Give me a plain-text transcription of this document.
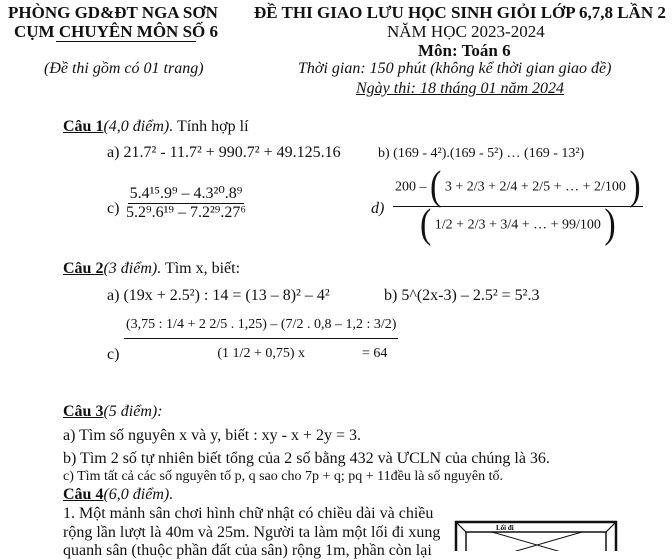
PHÒNG GD&ĐT NGA SƠN
CỤM CHUYÊN MÔN SỐ 6
(Đề thi gồm có 01 trang)
ĐỀ THI GIAO LƯU HỌC SINH GIỎI LỚP 6,7,8 LẦN 2
NĂM HỌC 2023-2024
Môn: Toán 6
Thời gian: 150 phút (không kể thời gian giao đề)
Ngày thi: 18 tháng 01 năm 2024
Câu 1(4,0 điểm). Tính hợp lí
a) 21.7² - 11.7² + 990.7² + 49.125.16	b) (169 - 4²).(169 - 5²) … (169 - 13²)
$c) \frac{\text{5.4¹⁵.9⁹ – 4.3²⁰.8⁹}}{\text{5.2⁹.6¹⁹ – 7.2²⁹.27⁶}}$	$d) \frac{200 - ( 3 + 2/3 + 2/4 + 2/5 + \dots + 2/100 )}{( 1/2 + 2/3 + 3/4 + \dots + 99/100 )}$
Câu 2(3 điểm). Tìm x, biết:
a) (19x + 2.5²) : 14 = (13 – 8)² – 4²	b) 5^(2x-3) – 2.5² = 5².3
$c) \frac{(3,75 : 1/4 + 2 2/5 . 1,25) - (7/2 . 0,8 - 1,2 : 3/2)}{(1 1/2 + 0,75) x}$
= 64
Câu 3(5 điểm):
a) Tìm số nguyên x và y, biết : xy - x + 2y = 3.
b) Tìm 2 số tự nhiên biết tổng của 2 số bằng 432 và ƯCLN của chúng là 36.
c) Tìm tất cả các số nguyên tố p, q sao cho 7p + q; pq + 11đều là số nguyên tố.
Câu 4(6,0 điểm).
1. Một mảnh sân chơi hình chữ nhật có chiều dài và chiều
rộng lần lượt là 40m và 25m. Người ta làm một lối đi xung
quanh sân (thuộc phần đất của sân) rộng 1m, phần còn lại
Lối đi
